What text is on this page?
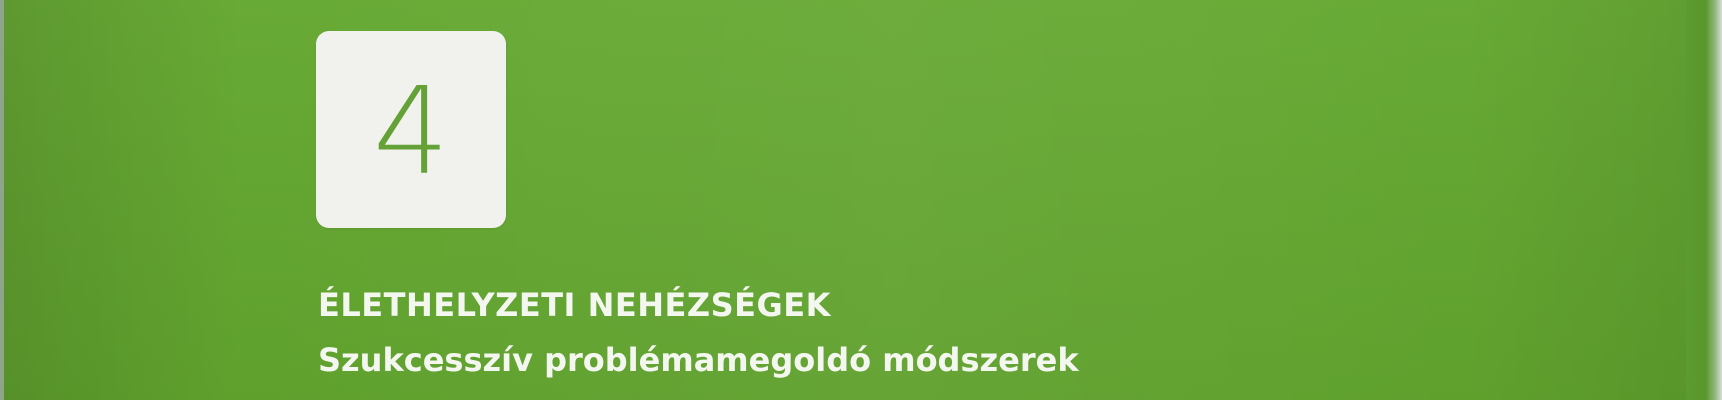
4
ÉLETHELYZETI NEHÉZSÉGEK
Szukcesszív problémamegoldó módszerek
